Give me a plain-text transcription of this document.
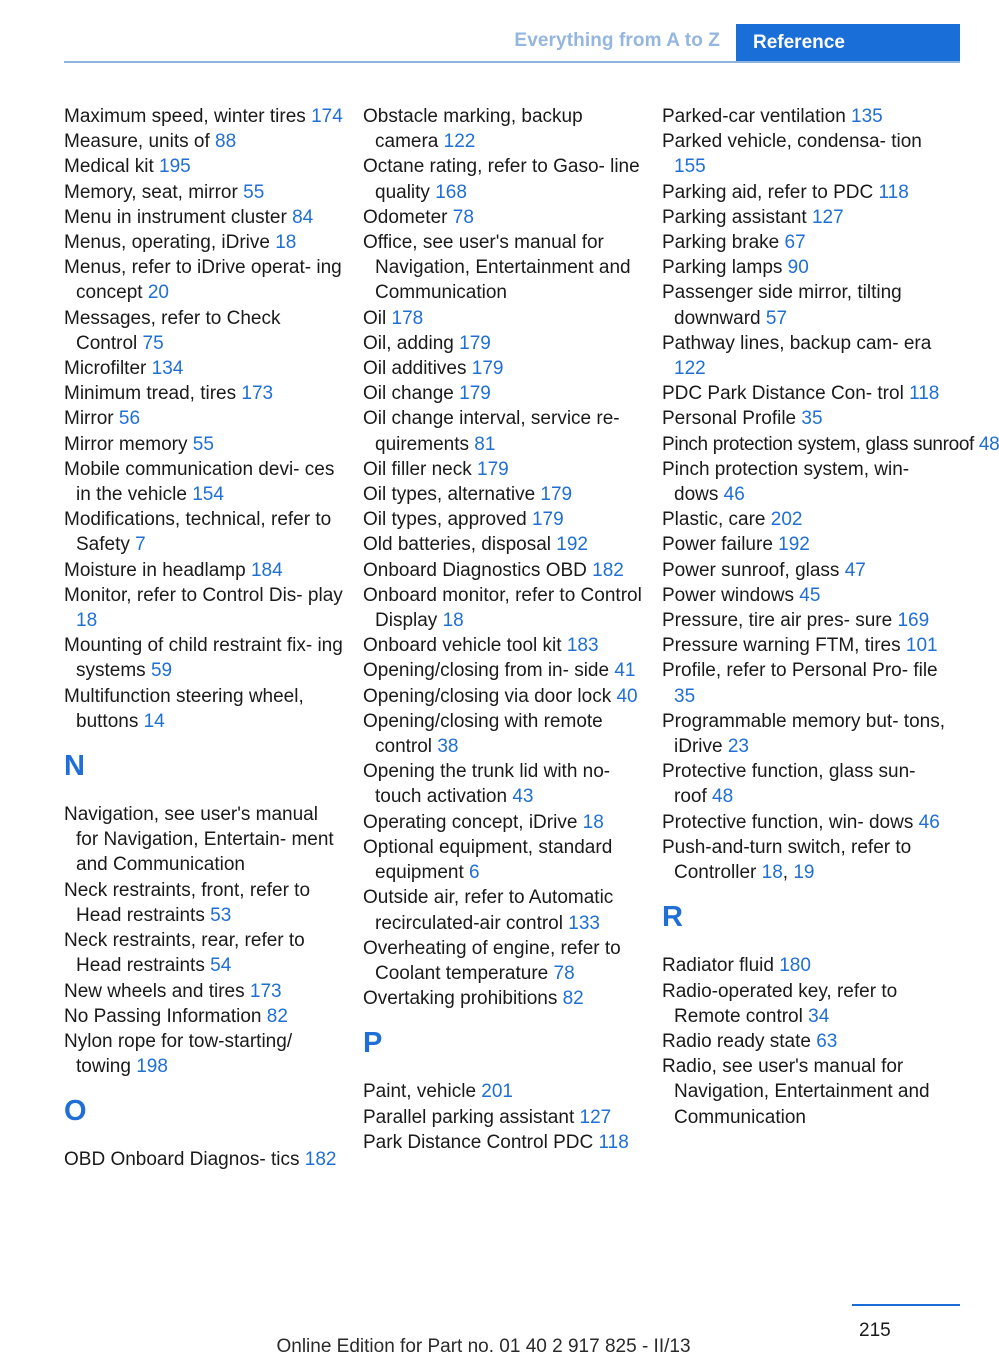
Everything from A to Z	Reference
Maximum speed, winter tires 174
Measure, units of 88
Medical kit 195
Memory, seat, mirror 55
Menu in instrument cluster 84
Menus, operating, iDrive 18
Menus, refer to iDrive operat‐ ing concept 20
Messages, refer to Check Control 75
Microfilter 134
Minimum tread, tires 173
Mirror 56
Mirror memory 55
Mobile communication devi‐ ces in the vehicle 154
Modifications, technical, refer to Safety 7
Moisture in headlamp 184
Monitor, refer to Control Dis‐ play 18
Mounting of child restraint fix‐ ing systems 59
Multifunction steering wheel, buttons 14
N
Navigation, see user's manual for Navigation, Entertain‐ ment and Communication
Neck restraints, front, refer to Head restraints 53
Neck restraints, rear, refer to Head restraints 54
New wheels and tires 173
No Passing Information 82
Nylon rope for tow-starting/ towing 198
O
OBD Onboard Diagnos‐ tics 182
Obstacle marking, backup camera 122
Octane rating, refer to Gaso‐ line quality 168
Odometer 78
Office, see user's manual for Navigation, Entertainment and Communication
Oil 178
Oil, adding 179
Oil additives 179
Oil change 179
Oil change interval, service re‐ quirements 81
Oil filler neck 179
Oil types, alternative 179
Oil types, approved 179
Old batteries, disposal 192
Onboard Diagnostics OBD 182
Onboard monitor, refer to Control Display 18
Onboard vehicle tool kit 183
Opening/closing from in‐ side 41
Opening/closing via door lock 40
Opening/closing with remote control 38
Opening the trunk lid with no- touch activation 43
Operating concept, iDrive 18
Optional equipment, standard equipment 6
Outside air, refer to Automatic recirculated-air control 133
Overheating of engine, refer to Coolant temperature 78
Overtaking prohibitions 82
P
Paint, vehicle 201
Parallel parking assistant 127
Park Distance Control PDC 118
Parked-car ventilation 135
Parked vehicle, condensa‐ tion 155
Parking aid, refer to PDC 118
Parking assistant 127
Parking brake 67
Parking lamps 90
Passenger side mirror, tilting downward 57
Pathway lines, backup cam‐ era 122
PDC Park Distance Con‐ trol 118
Personal Profile 35
Pinch protection system, glass sunroof 48
Pinch protection system, win‐ dows 46
Plastic, care 202
Power failure 192
Power sunroof, glass 47
Power windows 45
Pressure, tire air pres‐ sure 169
Pressure warning FTM, tires 101
Profile, refer to Personal Pro‐ file 35
Programmable memory but‐ tons, iDrive 23
Protective function, glass sun‐ roof 48
Protective function, win‐ dows 46
Push-and-turn switch, refer to Controller 18, 19
R
Radiator fluid 180
Radio-operated key, refer to Remote control 34
Radio ready state 63
Radio, see user's manual for Navigation, Entertainment and Communication
215
Online Edition for Part no. 01 40 2 917 825 - II/13
